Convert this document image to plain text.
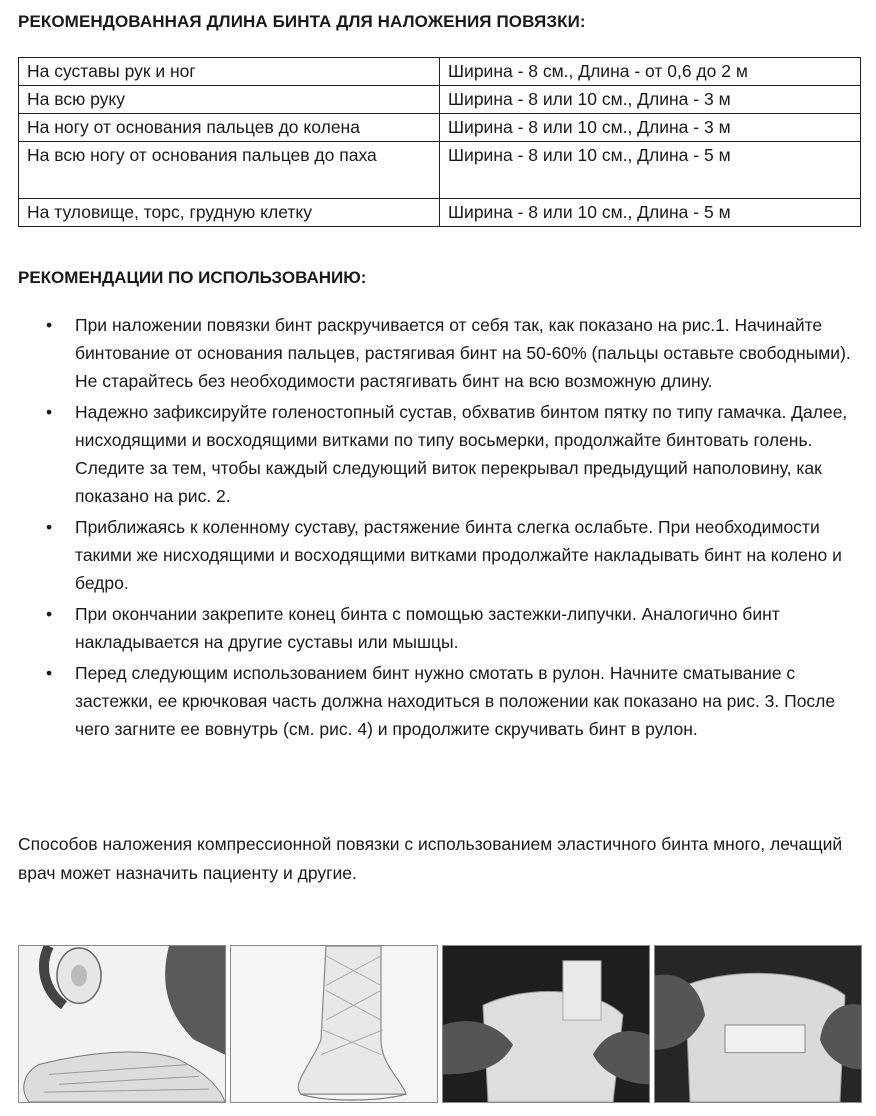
РЕКОМЕНДОВАННАЯ ДЛИНА БИНТА ДЛЯ НАЛОЖЕНИЯ ПОВЯЗКИ:
На суставы рук и ног	Ширина - 8 см., Длина - от 0,6 до 2 м
На всю руку	Ширина - 8 или 10 см., Длина - 3 м
На ногу от основания пальцев до колена	Ширина - 8 или 10 см., Длина - 3 м
На всю ногу от основания пальцев до паха	Ширина - 8 или 10 см., Длина - 5 м
На туловище, торс, грудную клетку	Ширина - 8 или 10 см., Длина - 5 м
РЕКОМЕНДАЦИИ ПО ИСПОЛЬЗОВАНИЮ:
• При наложении повязки бинт раскручивается от себя так, как показано на рис.1. Начинайте бинтование от основания пальцев, растягивая бинт на 50-60% (пальцы оставьте свободными). Не старайтесь без необходимости растягивать бинт на всю возможную длину.
• Надежно зафиксируйте голеностопный сустав, обхватив бинтом пятку по типу гамачка. Далее, нисходящими и восходящими витками по типу восьмерки, продолжайте бинтовать голень. Следите за тем, чтобы каждый следующий виток перекрывал предыдущий наполовину, как показано на рис. 2.
• Приближаясь к коленному суставу, растяжение бинта слегка ослабьте. При необходимости такими же нисходящими и восходящими витками продолжайте накладывать бинт на колено и бедро.
• При окончании закрепите конец бинта с помощью застежки-липучки. Аналогично бинт накладывается на другие суставы или мышцы.
• Перед следующим использованием бинт нужно смотать в рулон. Начните сматывание с застежки, ее крючковая часть должна находиться в положении как показано на рис. 3. После чего загните ее вовнутрь (см. рис. 4) и продолжите скручивать бинт в рулон.
Способов наложения компрессионной повязки с использованием эластичного бинта много, лечащий врач может назначить пациенту и другие.
